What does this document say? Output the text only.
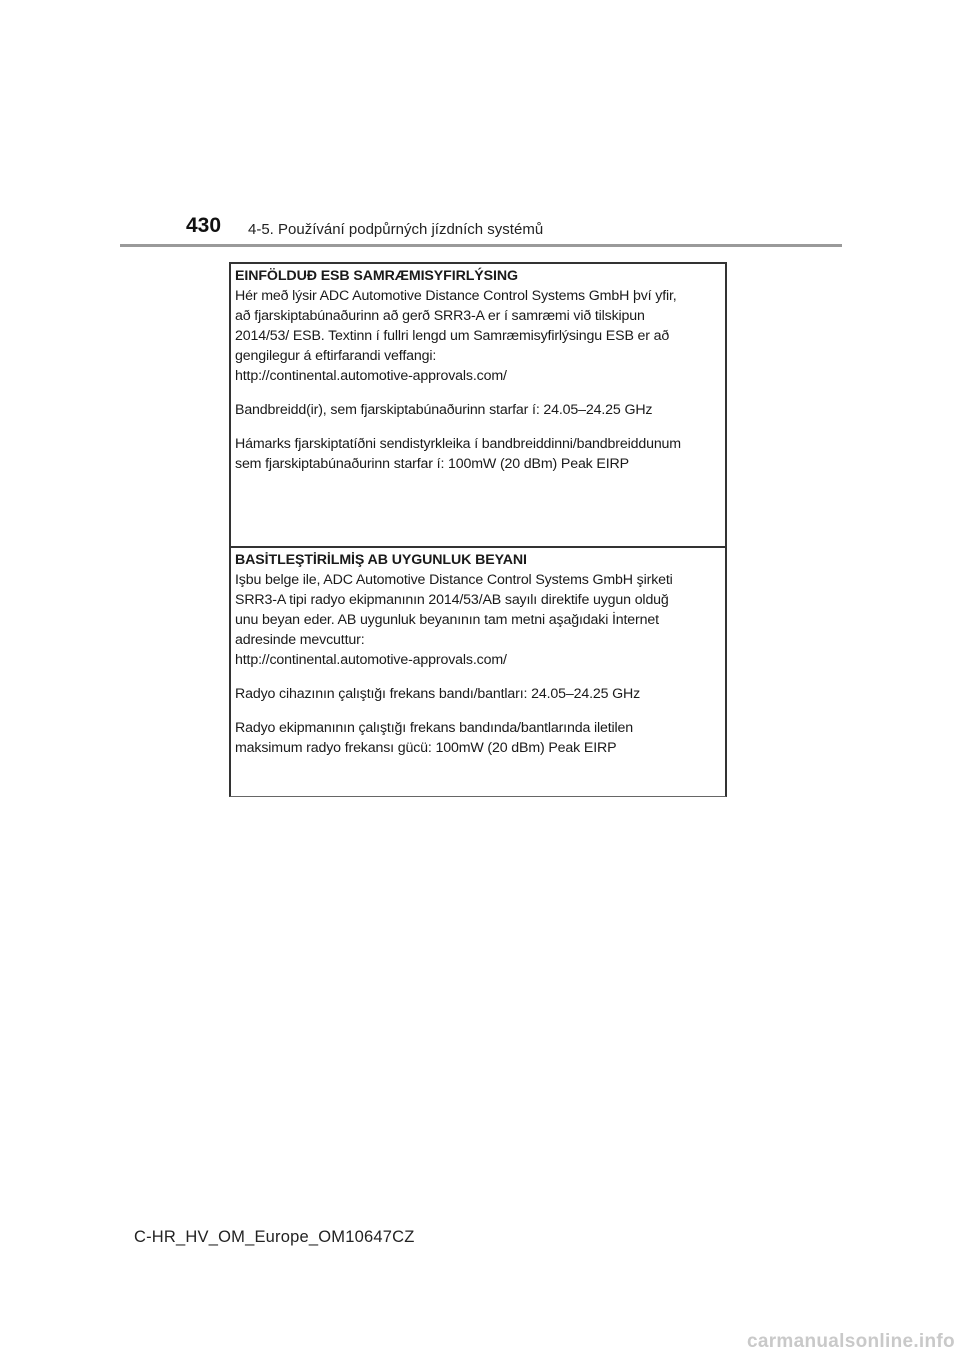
430 4-5. Používání podpůrných jízdních systémů

EINFÖLDUÐ ESB SAMRÆMISYFIRLÝSING

Hér með lýsir ADC Automotive Distance Control Systems GmbH því yfir,

að fjarskiptabúnaðurinn að gerð SRR3-A er í samræmi við tilskipun

2014/53/ ESB. Textinn í fullri lengd um Samræmisyfirlýsingu ESB er að

gengilegur á eftirfarandi veffangi:

http://continental.automotive-approvals.com/

Bandbreidd(ir), sem fjarskiptabúnaðurinn starfar í: 24.05–24.25 GHz

Hámarks fjarskiptatíðni sendistyrkleika í bandbreiddinni/bandbreiddunum

sem fjarskiptabúnaðurinn starfar í: 100mW (20 dBm) Peak EIRP

BASİTLEŞTİRİLMİŞ AB UYGUNLUK BEYANI

Işbu belge ile, ADC Automotive Distance Control Systems GmbH şirketi

SRR3-A tipi radyo ekipmanının 2014/53/AB sayılı direktife uygun olduğ

unu beyan eder. AB uygunluk beyanının tam metni aşağıdaki İnternet

adresinde mevcuttur:

http://continental.automotive-approvals.com/

Radyo cihazının çalıştığı frekans bandı/bantları: 24.05–24.25 GHz

Radyo ekipmanının çalıştığı frekans bandında/bantlarında iletilen

maksimum radyo frekansı gücü: 100mW (20 dBm) Peak EIRP

C-HR_HV_OM_Europe_OM10647CZ
carmanualsonline.info
